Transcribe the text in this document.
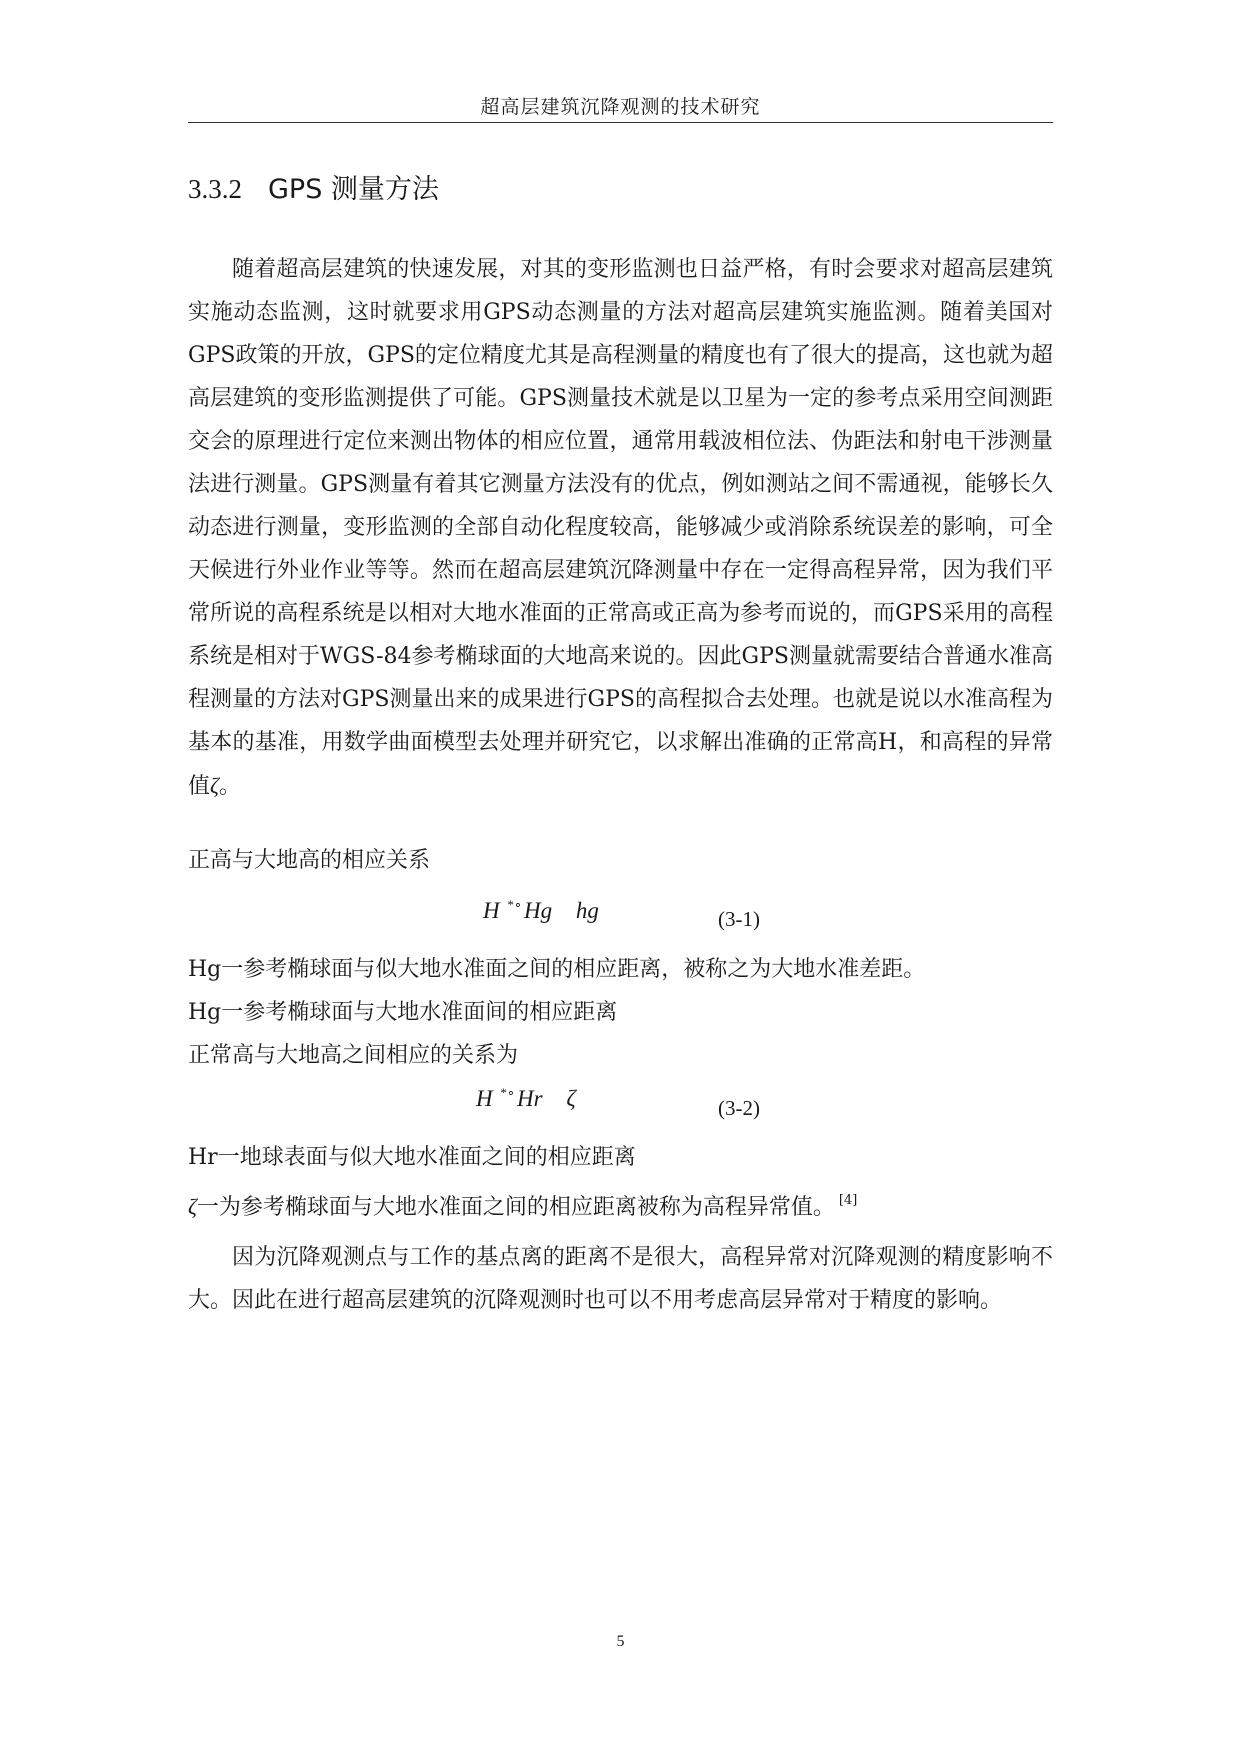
超高层建筑沉降观测的技术研究
3.3.2 GPS 测量方法
随着超高层建筑的快速发展，对其的变形监测也日益严格，有时会要求对超高层建筑实施动态监测，这时就要求用GPS动态测量的方法对超高层建筑实施监测。随着美国对GPS政策的开放，GPS的定位精度尤其是高程测量的精度也有了很大的提高，这也就为超高层建筑的变形监测提供了可能。GPS测量技术就是以卫星为一定的参考点采用空间测距交会的原理进行定位来测出物体的相应位置，通常用载波相位法、伪距法和射电干涉测量法进行测量。GPS测量有着其它测量方法没有的优点，例如测站之间不需通视，能够长久动态进行测量，变形监测的全部自动化程度较高，能够减少或消除系统误差的影响，可全天候进行外业作业等等。然而在超高层建筑沉降测量中存在一定得高程异常，因为我们平常所说的高程系统是以相对大地水准面的正常高或正高为参考而说的，而GPS采用的高程系统是相对于WGS-84参考椭球面的大地高来说的。因此GPS测量就需要结合普通水准高程测量的方法对GPS测量出来的成果进行GPS的高程拟合去处理。也就是说以水准高程为基本的基准，用数学曲面模型去处理并研究它，以求解出准确的正常高H，和高程的异常值ζ。
正高与大地高的相应关系
H *∘Hg hg	(3-1)
Hg一参考椭球面与似大地水准面之间的相应距离，被称之为大地水准差距。
Hg一参考椭球面与大地水准面间的相应距离
正常高与大地高之间相应的关系为
H *∘Hr ζ	(3-2)
Hr一地球表面与似大地水准面之间的相应距离
ζ一为参考椭球面与大地水准面之间的相应距离被称为高程异常值。 [4]
因为沉降观测点与工作的基点离的距离不是很大，高程异常对沉降观测的精度影响不大。因此在进行超高层建筑的沉降观测时也可以不用考虑高层异常对于精度的影响。
5
